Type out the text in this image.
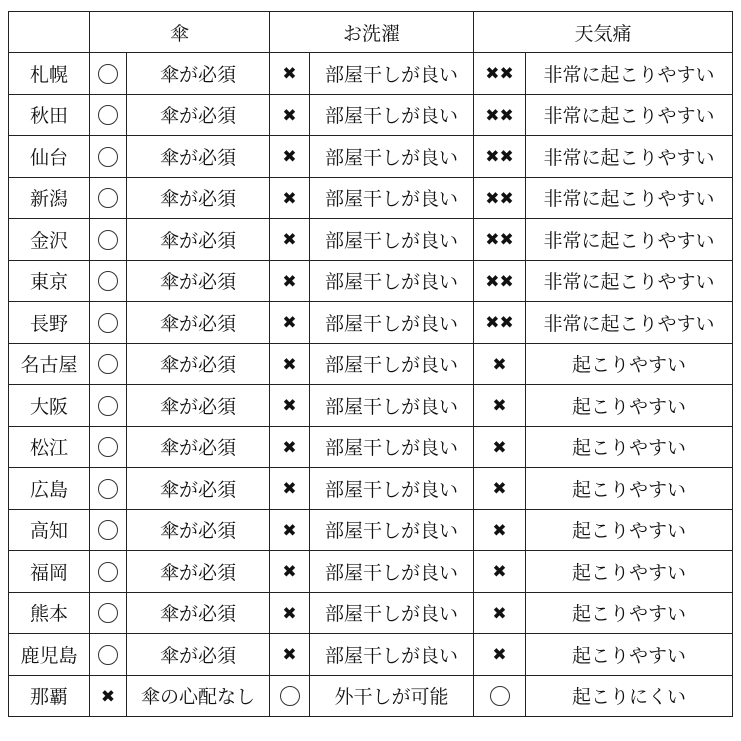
	傘		お洗濯		天気痛	
札幌		傘が必須	✖	部屋干しが良い	✖✖	非常に起こりやすい
秋田		傘が必須	✖	部屋干しが良い	✖✖	非常に起こりやすい
仙台		傘が必須	✖	部屋干しが良い	✖✖	非常に起こりやすい
新潟		傘が必須	✖	部屋干しが良い	✖✖	非常に起こりやすい
金沢		傘が必須	✖	部屋干しが良い	✖✖	非常に起こりやすい
東京		傘が必須	✖	部屋干しが良い	✖✖	非常に起こりやすい
長野		傘が必須	✖	部屋干しが良い	✖✖	非常に起こりやすい
名古屋		傘が必須	✖	部屋干しが良い	✖	起こりやすい
大阪		傘が必須	✖	部屋干しが良い	✖	起こりやすい
松江		傘が必須	✖	部屋干しが良い	✖	起こりやすい
広島		傘が必須	✖	部屋干しが良い	✖	起こりやすい
高知		傘が必須	✖	部屋干しが良い	✖	起こりやすい
福岡		傘が必須	✖	部屋干しが良い	✖	起こりやすい
熊本		傘が必須	✖	部屋干しが良い	✖	起こりやすい
鹿児島		傘が必須	✖	部屋干しが良い	✖	起こりやすい
那覇	✖	傘の心配なし		外干しが可能		起こりにくい
